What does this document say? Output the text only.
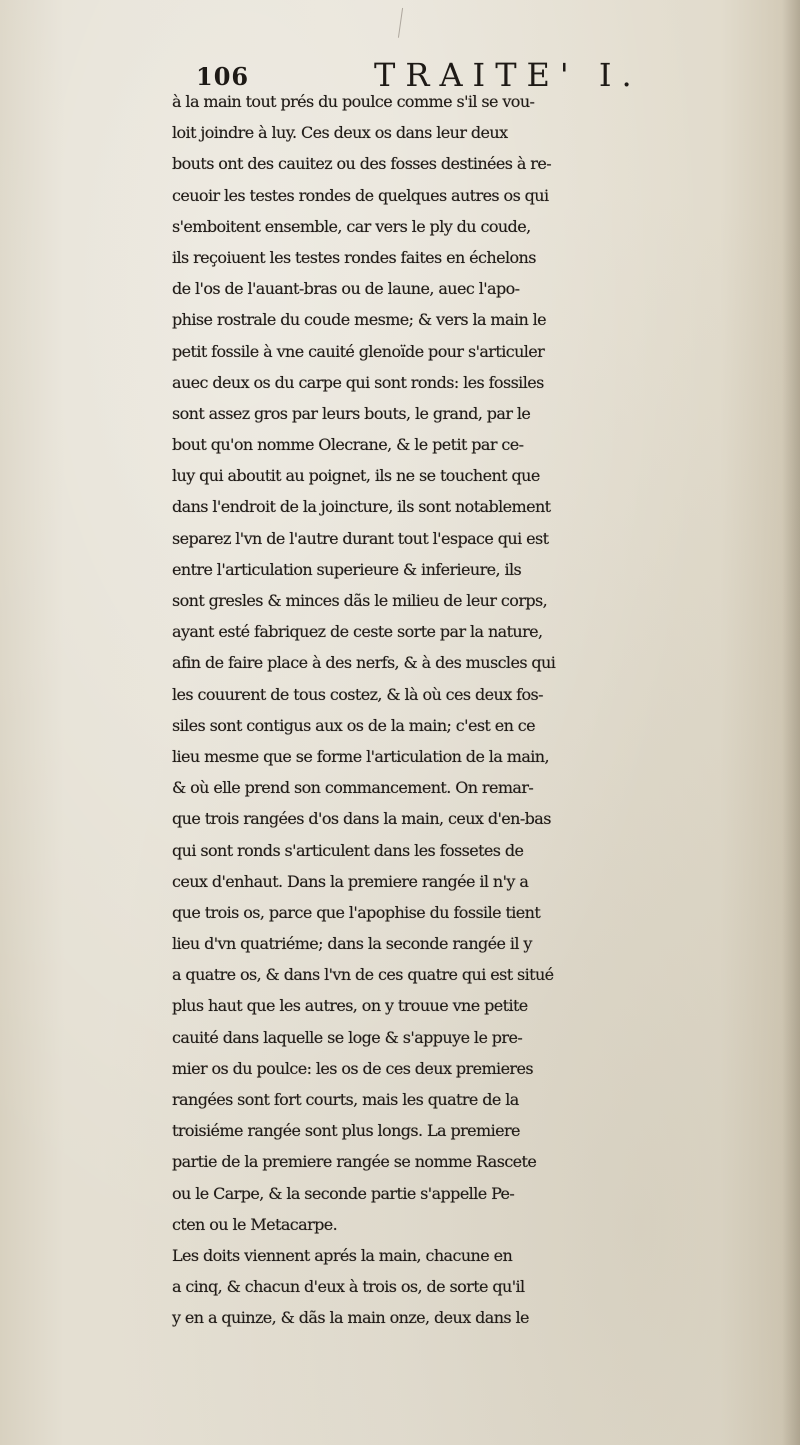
106	TRAITE' I.
à la main tout prés du poulce comme s'il se vou-
loit joindre à luy. Ces deux os dans leur deux
bouts ont des cauitez ou des fosses destinées à re-
ceuoir les testes rondes de quelques autres os qui
s'emboitent ensemble, car vers le ply du coude,
ils reçoiuent les testes rondes faites en échelons
de l'os de l'auant-bras ou de laune, auec l'apo-
phise rostrale du coude mesme; & vers la main le
petit fossile à vne cauité glenoïde pour s'articuler
auec deux os du carpe qui sont ronds: les fossiles
sont assez gros par leurs bouts, le grand, par le
bout qu'on nomme Olecrane, & le petit par ce-
luy qui aboutit au poignet, ils ne se touchent que
dans l'endroit de la joincture, ils sont notablement
separez l'vn de l'autre durant tout l'espace qui est
entre l'articulation superieure & inferieure, ils
sont gresles & minces dãs le milieu de leur corps,
ayant esté fabriquez de ceste sorte par la nature,
afin de faire place à des nerfs, & à des muscles qui
les couurent de tous costez, & là où ces deux fos-
siles sont contigus aux os de la main; c'est en ce
lieu mesme que se forme l'articulation de la main,
& où elle prend son commancement. On remar-
que trois rangées d'os dans la main, ceux d'en-bas
qui sont ronds s'articulent dans les fossetes de
ceux d'enhaut. Dans la premiere rangée il n'y a
que trois os, parce que l'apophise du fossile tient
lieu d'vn quatriéme; dans la seconde rangée il y
a quatre os, & dans l'vn de ces quatre qui est situé
plus haut que les autres, on y trouue vne petite
cauité dans laquelle se loge & s'appuye le pre-
mier os du poulce: les os de ces deux premieres
rangées sont fort courts, mais les quatre de la
troisiéme rangée sont plus longs. La premiere
partie de la premiere rangée se nomme Rascete
ou le Carpe, & la seconde partie s'appelle Pe-
cten ou le Metacarpe.
Les doits viennent aprés la main, chacune en
a cinq, & chacun d'eux à trois os, de sorte qu'il
y en a quinze, & dãs la main onze, deux dans le
